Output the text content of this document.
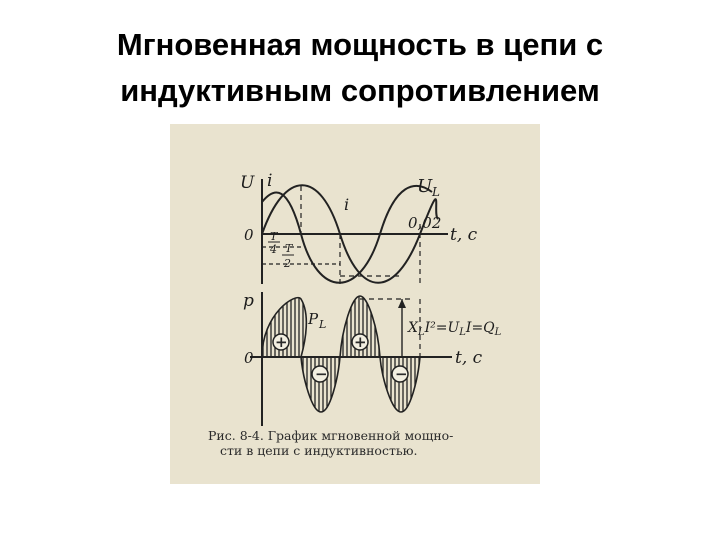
Мгновенная мощность в цепи с
индуктивным сопротивлением
U i
i
U L
0
0,02
t, c
T
4 T
2
+
−
+
−
p
0	t, c
P L	$X_LI^2=U_LI=Q_L$
Рис. 8-4. График мгновенной мощно-
сти в цепи с индуктивностью.
